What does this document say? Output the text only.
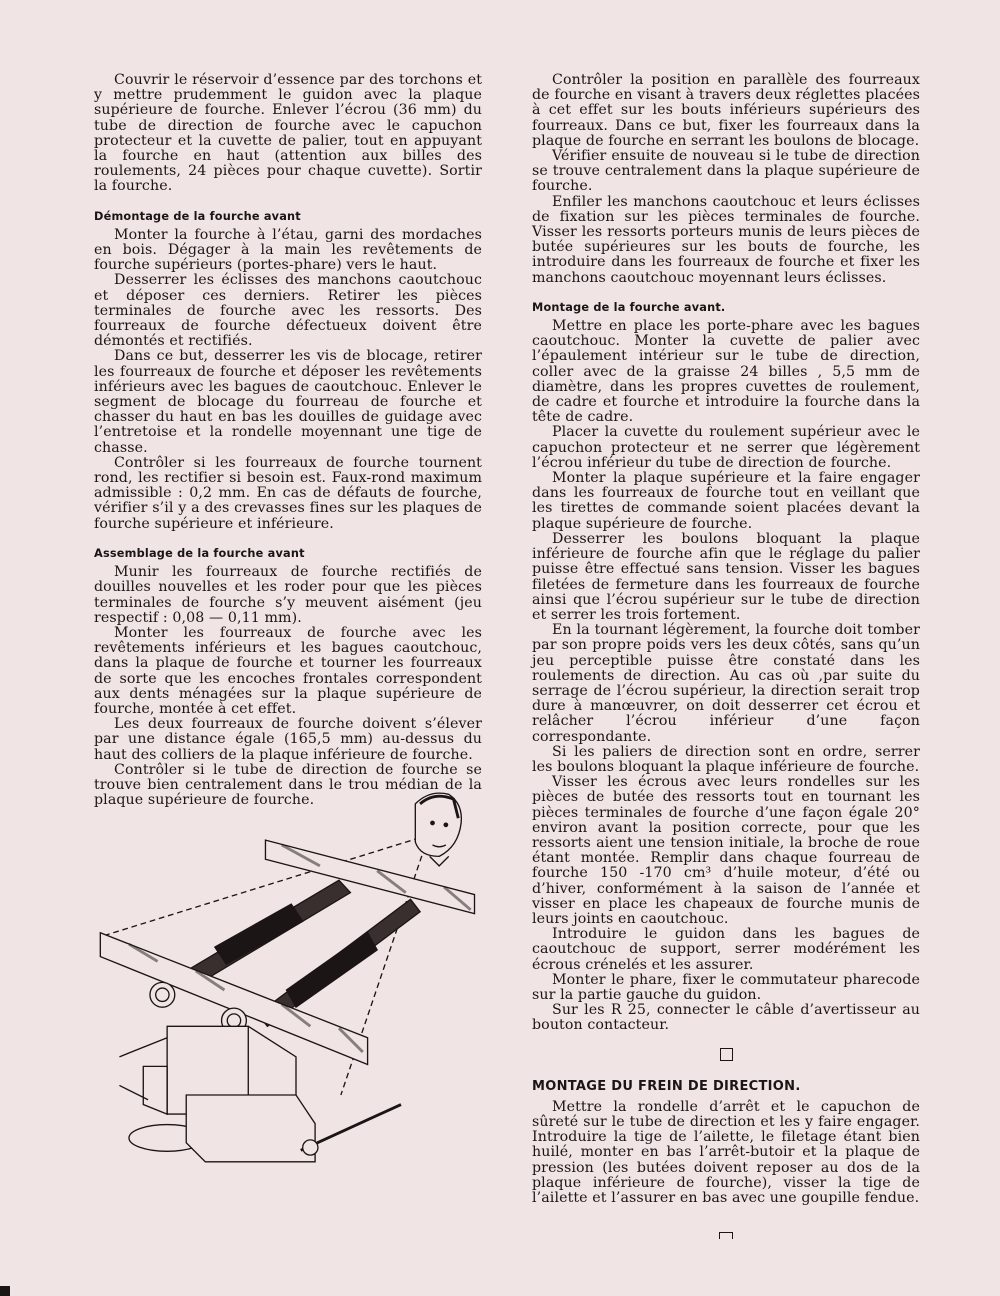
Couvrir le réservoir d’essence par des torchons et y mettre prudemment le guidon avec la plaque supérieure de fourche. Enlever l’écrou (36 mm) du tube de direction de fourche avec le capuchon protecteur et la cuvette de palier, tout en appuyant la fourche en haut (attention aux billes des roulements, 24 pièces pour chaque cuvette). Sortir la fourche.

Démontage de la fourche avant

Monter la fourche à l’étau, garni des mordaches en bois. Dégager à la main les revêtements de fourche supérieurs (portes-phare) vers le haut.

Desserrer les éclisses des manchons caoutchouc et déposer ces derniers. Retirer les pièces terminales de fourche avec les ressorts. Des fourreaux de fourche défectueux doivent être démontés et rectifiés.

Dans ce but, desserrer les vis de blocage, retirer les fourreaux de fourche et déposer les revêtements inférieurs avec les bagues de caoutchouc. Enlever le segment de blocage du fourreau de fourche et chasser du haut en bas les douilles de guidage avec l’entretoise et la rondelle moyennant une tige de chasse.

Contrôler si les fourreaux de fourche tournent rond, les rectifier si besoin est. Faux-rond maximum admissible : 0,2 mm. En cas de défauts de fourche, vérifier s’il y a des crevasses fines sur les plaques de fourche supérieure et inférieure.

Assemblage de la fourche avant

Munir les fourreaux de fourche rectifiés de douilles nouvelles et les roder pour que les pièces terminales de fourche s’y meuvent aisément (jeu respectif : 0,08 — 0,11 mm).

Monter les fourreaux de fourche avec les revêtements inférieurs et les bagues caoutchouc, dans la plaque de fourche et tourner les fourreaux de sorte que les encoches frontales correspondent aux dents ménagées sur la plaque supérieure de fourche, montée à cet effet.

Les deux fourreaux de fourche doivent s’élever par une distance égale (165,5 mm) au-dessus du haut des colliers de la plaque inférieure de fourche.

Contrôler si le tube de direction de fourche se trouve bien centralement dans le trou médian de la plaque supérieure de fourche.

Contrôler la position en parallèle des fourreaux de fourche en visant à travers deux réglettes placées à cet effet sur les bouts inférieurs supérieurs des fourreaux. Dans ce but, fixer les fourreaux dans la plaque de fourche en serrant les boulons de blocage.

Vérifier ensuite de nouveau si le tube de direction se trouve centralement dans la plaque supérieure de fourche.

Enfiler les manchons caoutchouc et leurs éclisses de fixation sur les pièces terminales de fourche. Visser les ressorts porteurs munis de leurs pièces de butée supérieures sur les bouts de fourche, les introduire dans les fourreaux de fourche et fixer les manchons caoutchouc moyennant leurs éclisses.

Montage de la fourche avant.

Mettre en place les porte-phare avec les bagues caoutchouc. Monter la cuvette de palier avec l’épaulement intérieur sur le tube de direction, coller avec de la graisse 24 billes , 5,5 mm de diamètre, dans les propres cuvettes de roulement, de cadre et fourche et introduire la fourche dans la tête de cadre.

Placer la cuvette du roulement supérieur avec le capuchon protecteur et ne serrer que légèrement l’écrou inférieur du tube de direction de fourche.

Monter la plaque supérieure et la faire engager dans les fourreaux de fourche tout en veillant que les tirettes de commande soient placées devant la plaque supérieure de fourche.

Desserrer les boulons bloquant la plaque inférieure de fourche afin que le réglage du palier puisse être effectué sans tension. Visser les bagues filetées de fermeture dans les fourreaux de fourche ainsi que l’écrou supérieur sur le tube de direction et serrer les trois fortement.

En la tournant légèrement, la fourche doit tomber par son propre poids vers les deux côtés, sans qu’un jeu perceptible puisse être constaté dans les roulements de direction. Au cas où ,par suite du serrage de l’écrou supérieur, la direction serait trop dure à manœuvrer, on doit desserrer cet écrou et relâcher l’écrou inférieur d’une façon correspondante.

Si les paliers de direction sont en ordre, serrer les boulons bloquant la plaque inférieure de fourche.

Visser les écrous avec leurs rondelles sur les pièces de butée des ressorts tout en tournant les pièces terminales de fourche d’une façon égale 20° environ avant la position correcte, pour que les ressorts aient une tension initiale, la broche de roue étant montée. Remplir dans chaque fourreau de fourche 150 -170 cm³ d’huile moteur, d’été ou d’hiver, conformément à la saison de l’année et visser en place les chapeaux de fourche munis de leurs joints en caoutchouc.

Introduire le guidon dans les bagues de caoutchouc de support, serrer modérément les écrous crénelés et les assurer.

Monter le phare, fixer le commutateur pharecode sur la partie gauche du guidon.

Sur les R 25, connecter le câble d’avertisseur au bouton contacteur.

MONTAGE DU FREIN DE DIRECTION.

Mettre la rondelle d’arrêt et le capuchon de sûreté sur le tube de direction et les y faire engager. Introduire la tige de l’ailette, le filetage étant bien huilé, monter en bas l’arrêt-butoir et la plaque de pression (les butées doivent reposer au dos de la plaque inférieure de fourche), visser la tige de l’ailette et l’assurer en bas avec une goupille fendue.
